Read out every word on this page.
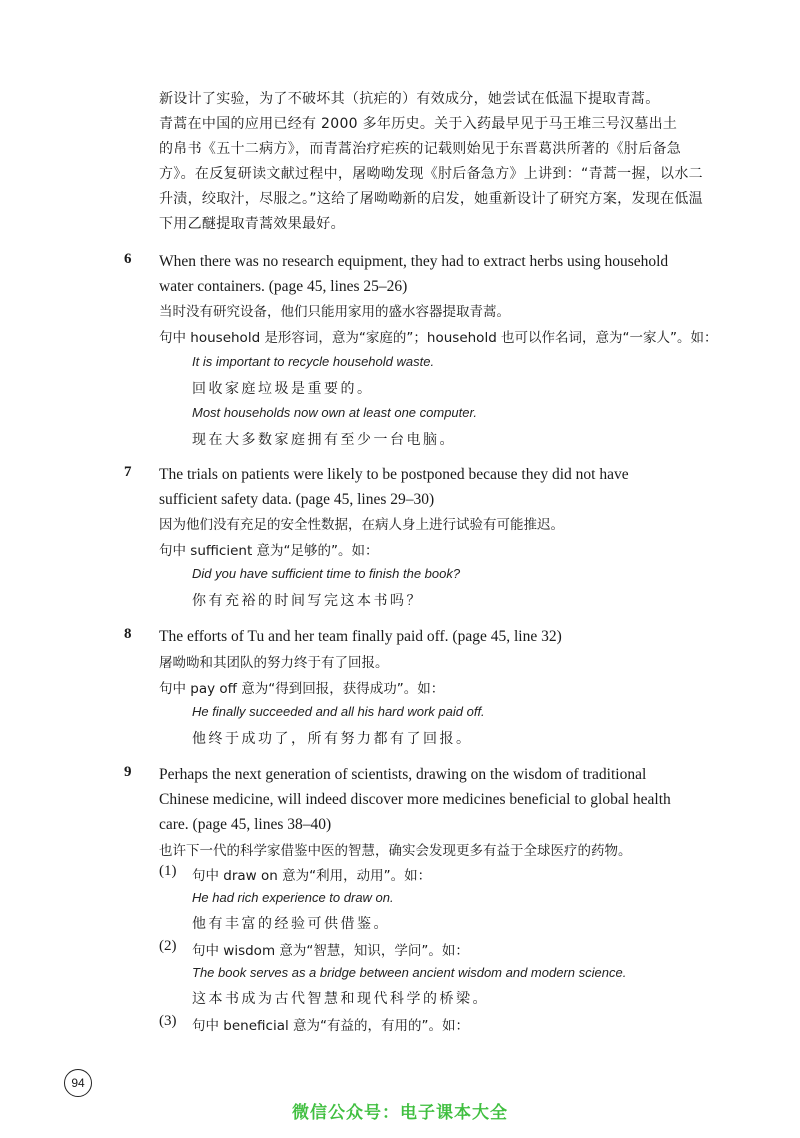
新设计了实验，为了不破坏其（抗疟的）有效成分，她尝试在低温下提取青蒿。
青蒿在中国的应用已经有 2000 多年历史。关于入药最早见于马王堆三号汉墓出土
的帛书《五十二病方》，而青蒿治疗疟疾的记载则始见于东晋葛洪所著的《肘后备急
方》。在反复研读文献过程中，屠呦呦发现《肘后备急方》上讲到：“青蒿一握，以水二
升渍，绞取汁，尽服之。”这给了屠呦呦新的启发，她重新设计了研究方案，发现在低温
下用乙醚提取青蒿效果最好。
6 When there was no research equipment, they had to extract herbs using household
water containers. (page 45, lines 25–26)
当时没有研究设备，他们只能用家用的盛水容器提取青蒿。
句中 household 是形容词，意为“家庭的”；household 也可以作名词，意为“一家人”。如：
It is important to recycle household waste.
回收家庭垃圾是重要的。
Most households now own at least one computer.
现在大多数家庭拥有至少一台电脑。
7 The trials on patients were likely to be postponed because they did not have
sufficient safety data. (page 45, lines 29–30)
因为他们没有充足的安全性数据，在病人身上进行试验有可能推迟。
句中 sufficient 意为“足够的”。如：
Did you have sufficient time to finish the book?
你有充裕的时间写完这本书吗？
8 The efforts of Tu and her team finally paid off. (page 45, line 32)
屠呦呦和其团队的努力终于有了回报。
句中 pay off 意为“得到回报，获得成功”。如：
He finally succeeded and all his hard work paid off.
他终于成功了，所有努力都有了回报。
9 Perhaps the next generation of scientists, drawing on the wisdom of traditional
Chinese medicine, will indeed discover more medicines beneficial to global health
care. (page 45, lines 38–40)
也许下一代的科学家借鉴中医的智慧，确实会发现更多有益于全球医疗的药物。
(1) 句中 draw on 意为“利用，动用”。如：
He had rich experience to draw on.
他有丰富的经验可供借鉴。
(2) 句中 wisdom 意为“智慧，知识，学问”。如：
The book serves as a bridge between ancient wisdom and modern science.
这本书成为古代智慧和现代科学的桥梁。
(3) 句中 beneficial 意为“有益的，有用的”。如：
94
微信公众号：电子课本大全
